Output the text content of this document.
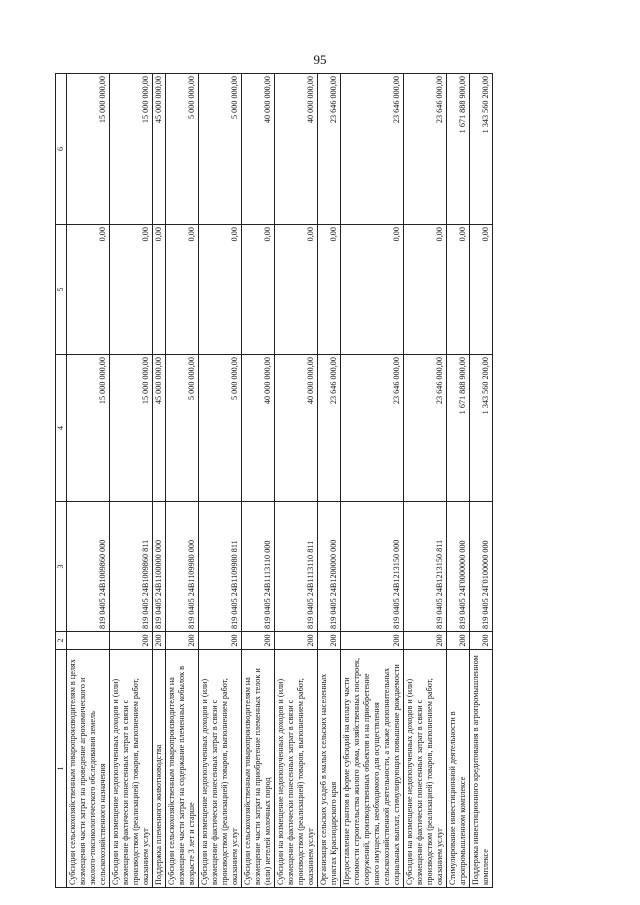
95
1	2	3	4	5	6
Субсидии сельскохозяйственным товаропроизводителям в целях возмещения части затрат на проведение агрохимического и эколого-токсикологического обследования земель сельскохозяйственного назначения		819 0405 24B1009860 000	15 000 000,00	0,00	15 000 000,00
Субсидии на возмещение недополученных доходов и (или) возмещение фактически понесенных затрат в связи с производством (реализацией) товаров, выполнением работ, оказанием услуг	200	819 0405 24B1009860 811	15 000 000,00	0,00	15 000 000,00
Поддержка племенного животноводства	200	819 0405 24B1100000 000	45 000 000,00	0,00	45 000 000,00
Субсидии сельскохозяйственным товаропроизводителям на возмещение части затрат на содержание племенных кобылок в возрасте 3 лет и старше	200	819 0405 24B1109980 000	5 000 000,00	0,00	5 000 000,00
Субсидии на возмещение недополученных доходов и (или) возмещение фактически понесенных затрат в связи с производством (реализацией) товаров, выполнением работ, оказанием услуг	200	819 0405 24B1109980 811	5 000 000,00	0,00	5 000 000,00
Субсидии сельскохозяйственным товаропроизводителям на возмещение части затрат на приобретение племенных телок и (или) нетелей молочных пород	200	819 0405 24B1113110 000	40 000 000,00	0,00	40 000 000,00
Субсидии на возмещение недополученных доходов и (или) возмещение фактически понесенных затрат в связи с производством (реализацией) товаров, выполнением работ, оказанием услуг	200	819 0405 24B1113110 811	40 000 000,00	0,00	40 000 000,00
Организация сельских усадеб в малых сельских населенных пунктах Краснодарского края	200	819 0405 24B1200000 000	23 646 000,00	0,00	23 646 000,00
Предоставление грантов в форме субсидий на оплату части стоимости строительства жилого дома, хозяйственных построек, сооружений, производственных объектов и на приобретение иного имущества, необходимого для осуществления сельскохозяйственной деятельности, а также дополнительных социальных выплат, стимулирующих повышение рождаемости	200	819 0405 24B1213150 000	23 646 000,00	0,00	23 646 000,00
Субсидии на возмещение недополученных доходов и (или) возмещение фактически понесенных затрат в связи с производством (реализацией) товаров, выполнением работ, оказанием услуг	200	819 0405 24B1213150 811	23 646 000,00	0,00	23 646 000,00
Стимулирование инвестиционной деятельности в агропромышленном комплексе	200	819 0405 24Г0000000 000	1 671 888 900,00	0,00	1 671 888 900,00
Поддержка инвестиционного кредитования в агропромышленном комплексе	200	819 0405 24Г0100000 000	1 343 560 200,00	0,00	1 343 560 200,00
